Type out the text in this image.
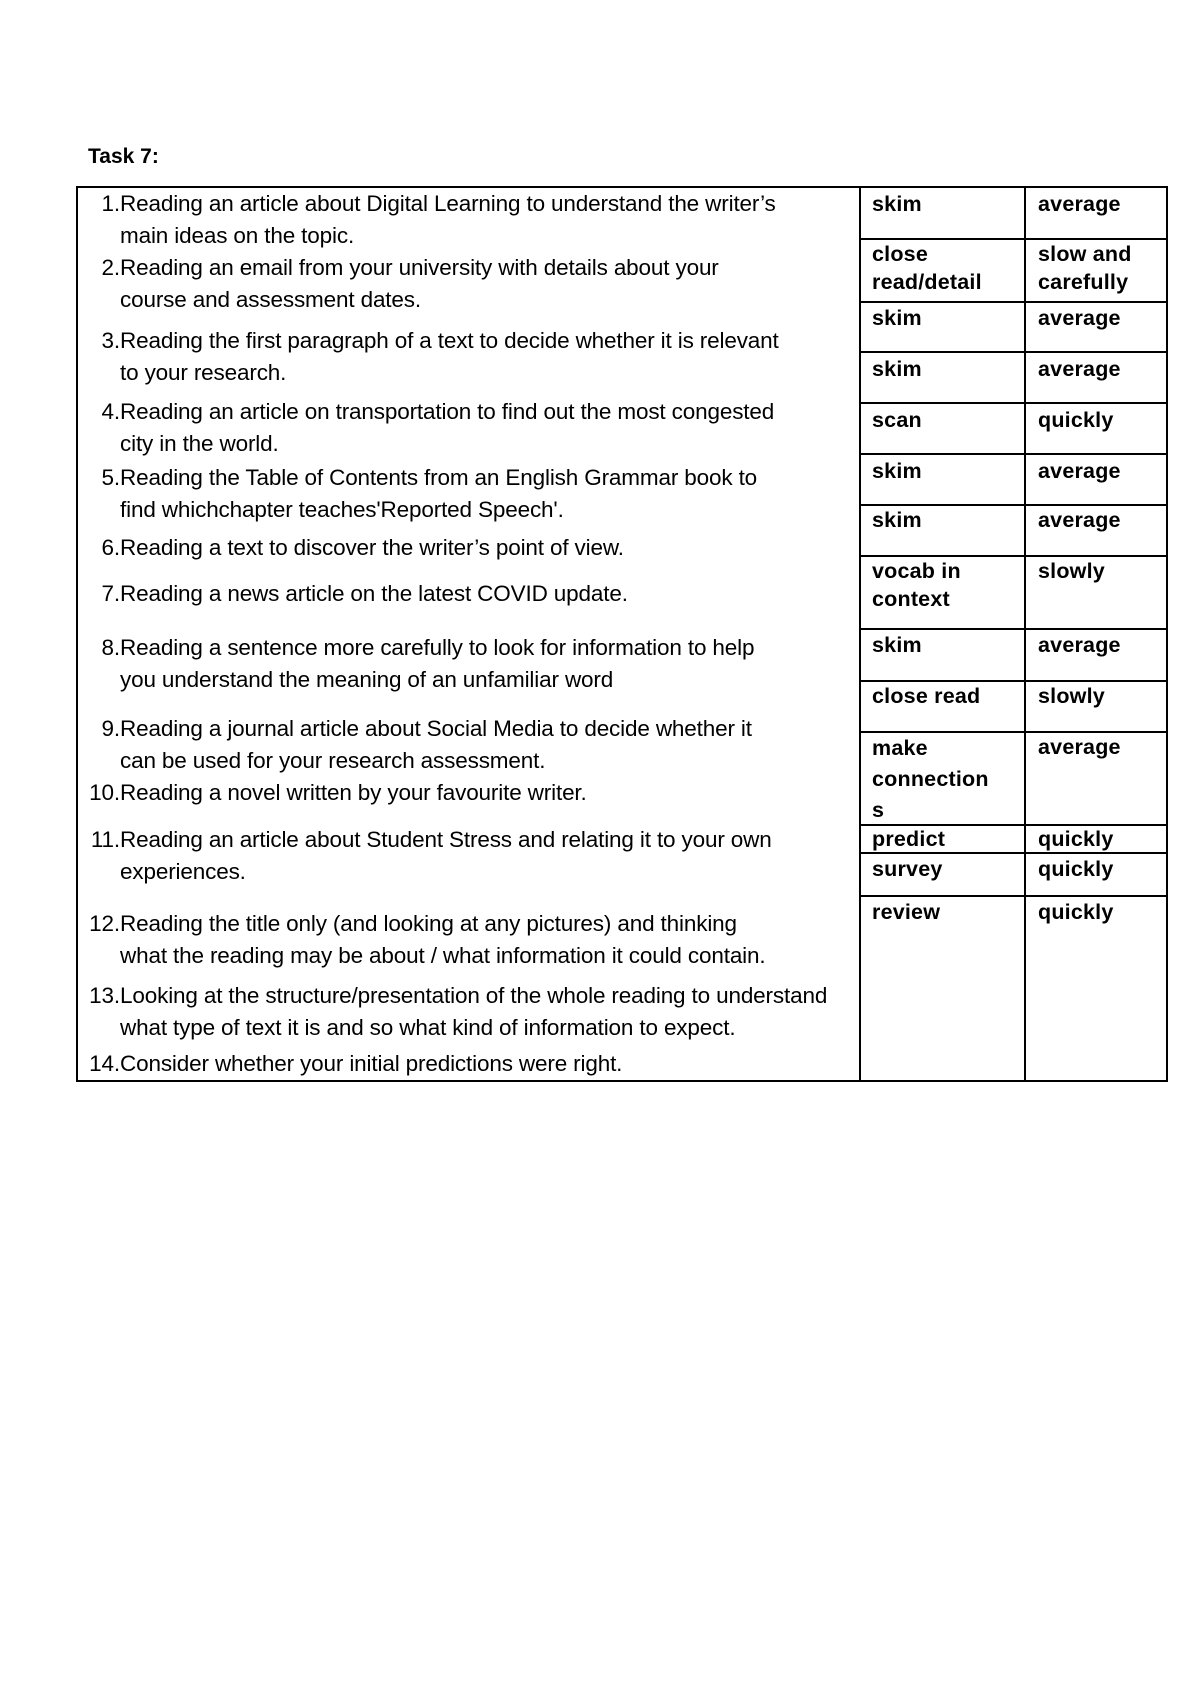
Task 7:
1. Reading an article about Digital Learning to understand the writer’s
main ideas on the topic.
2. Reading an email from your university with details about your
course and assessment dates.
3. Reading the first paragraph of a text to decide whether it is relevant
to your research.
4. Reading an article on transportation to find out the most congested
city in the world.
5. Reading the Table of Contents from an English Grammar book to
find whichchapter teaches'Reported Speech'.
6. Reading a text to discover the writer’s point of view.
7. Reading a news article on the latest COVID update.
8. Reading a sentence more carefully to look for information to help
you understand the meaning of an unfamiliar word
9. Reading a journal article about Social Media to decide whether it
can be used for your research assessment.
10. Reading a novel written by your favourite writer.
11. Reading an article about Student Stress and relating it to your own
experiences.
12. Reading the title only (and looking at any pictures) and thinking
what the reading may be about / what information it could contain.
13. Looking at the structure/presentation of the whole reading to understand
what type of text it is and so what kind of information to expect.
14. Consider whether your initial predictions were right.
skim
close
read/detail
skim
skim
scan
skim
skim
vocab in
context
skim
close read
make
connection
s
predict
survey
review
average
slow and
carefully
average
average
quickly
average
average
slowly
average
slowly
average
quickly
quickly
quickly
